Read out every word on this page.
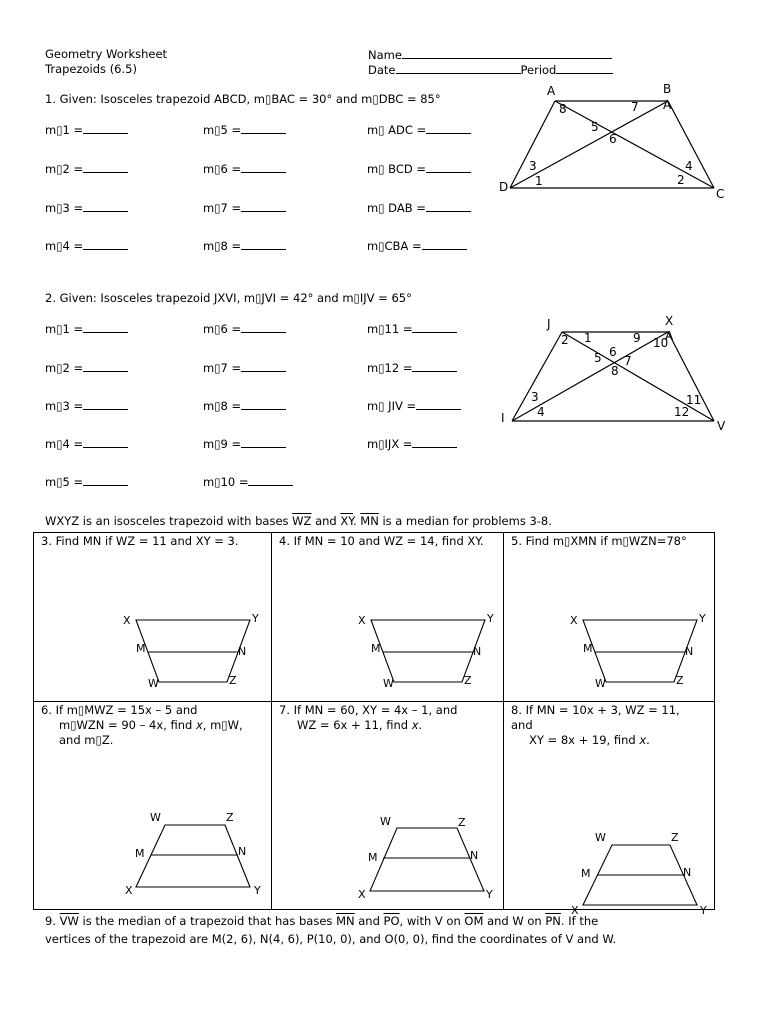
Geometry Worksheet
Trapezoids (6.5)
Name
Date	Period
1. Given: Isosceles trapezoid ABCD, m▯BAC = 30° and m▯DBC = 85°
m▯1 =	m▯5 =	m▯ ADC =
m▯2 =	m▯6 =	m▯ BCD =
m▯3 =	m▯7 =	m▯ DAB =
m▯4 =	m▯8 =	m▯CBA =
A	B
C
D
8	7 A
5
6
3
1
4
2
2. Given: Isosceles trapezoid JXVI, m▯JVI = 42° and m▯IJV = 65°
m▯1 =	m▯6 =	m▯11 =
m▯2 =	m▯7 =	m▯12 =
m▯3 =	m▯8 =	m▯ JIV =
m▯4 =	m▯9 =	m▯IJX =
m▯5 =	m▯10 =
J	X
V
I
2 1	9 10
A
5 6
7
8
3
4
11
12
WXYZ is an isosceles trapezoid with bases $\overline{WZ}$ and $\overline{XY}$. $\overline{MN}$ is a median for problems 3-8.
3. Find MN if WZ = 11 and XY = 3.	4. If MN = 10 and WZ = 14, find XY.	5. Find m▯XMN if m▯WZN=78°
6. If m▯MWZ = 15x – 5 and
m▯WZN = 90 – 4x, find x, m▯W,
and m▯Z.
7. If MN = 60, XY = 4x – 1, and
WZ = 6x + 11, find x.
8. If MN = 10x + 3, WZ = 11,
and
XY = 8x + 19, find x.
X	Y
M	N
W	Z
X	Y
M	N
W	Z
X	Y
M	N
W	Z
W	Z
M	N
X	Y
W	Z
M	N
X	Y
W	Z
M	N
X	Y
9. $\overline{VW}$ is the median of a trapezoid that has bases $\overline{MN}$ and $\overline{PO}$, with V on $\overline{OM}$ and W on $\overline{PN}$. If the
vertices of the trapezoid are M(2, 6), N(4, 6), P(10, 0), and O(0, 0), find the coordinates of V and W.
